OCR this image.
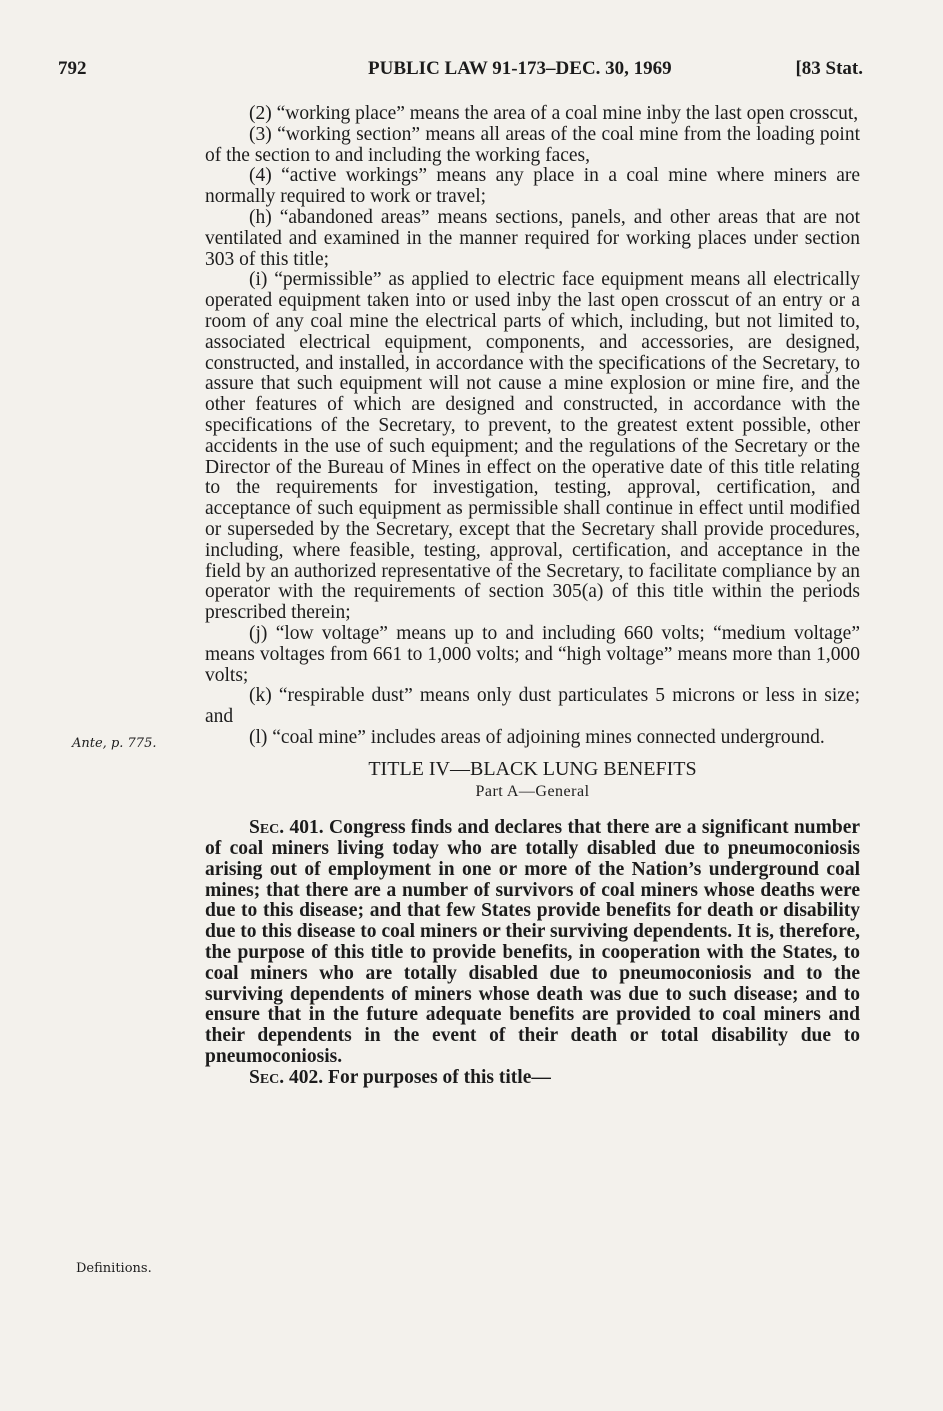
792	PUBLIC LAW 91-173–DEC. 30, 1969	[83 Stat.
Ante, p. 775.
Definitions.

(2) “working place” means the area of a coal mine inby the last open crosscut,

(3) “working section” means all areas of the coal mine from the loading point of the section to and including the working faces,

(4) “active workings” means any place in a coal mine where miners are normally required to work or travel;

(h) “abandoned areas” means sections, panels, and other areas that are not ventilated and examined in the manner required for working places under section 303 of this title;

(i) “permissible” as applied to electric face equipment means all electrically operated equipment taken into or used inby the last open crosscut of an entry or a room of any coal mine the electrical parts of which, including, but not limited to, associated electrical equipment, components, and accessories, are designed, constructed, and installed, in accordance with the specifications of the Secretary, to assure that such equipment will not cause a mine explosion or mine fire, and the other features of which are designed and constructed, in accordance with the specifications of the Secretary, to prevent, to the greatest extent possible, other accidents in the use of such equipment; and the regulations of the Secretary or the Director of the Bureau of Mines in effect on the operative date of this title relating to the requirements for investigation, testing, approval, certification, and acceptance of such equipment as permissible shall continue in effect until modified or superseded by the Secretary, except that the Secretary shall provide procedures, including, where feasible, testing, approval, certification, and acceptance in the field by an authorized representative of the Secretary, to facilitate compliance by an operator with the requirements of section 305(a) of this title within the periods prescribed therein;

(j) “low voltage” means up to and including 660 volts; “medium voltage” means voltages from 661 to 1,000 volts; and “high voltage” means more than 1,000 volts;

(k) “respirable dust” means only dust particulates 5 microns or less in size; and

(l) “coal mine” includes areas of adjoining mines connected underground.

TITLE IV—BLACK LUNG BENEFITS

Part A—General

Sec. 401. Congress finds and declares that there are a significant number of coal miners living today who are totally disabled due to pneumoconiosis arising out of employment in one or more of the Nation’s underground coal mines; that there are a number of survivors of coal miners whose deaths were due to this disease; and that few States provide benefits for death or disability due to this disease to coal miners or their surviving dependents. It is, therefore, the purpose of this title to provide benefits, in cooperation with the States, to coal miners who are totally disabled due to pneumoconiosis and to the surviving dependents of miners whose death was due to such disease; and to ensure that in the future adequate benefits are provided to coal miners and their dependents in the event of their death or total disability due to pneumoconiosis.

Sec. 402. For purposes of this title—
